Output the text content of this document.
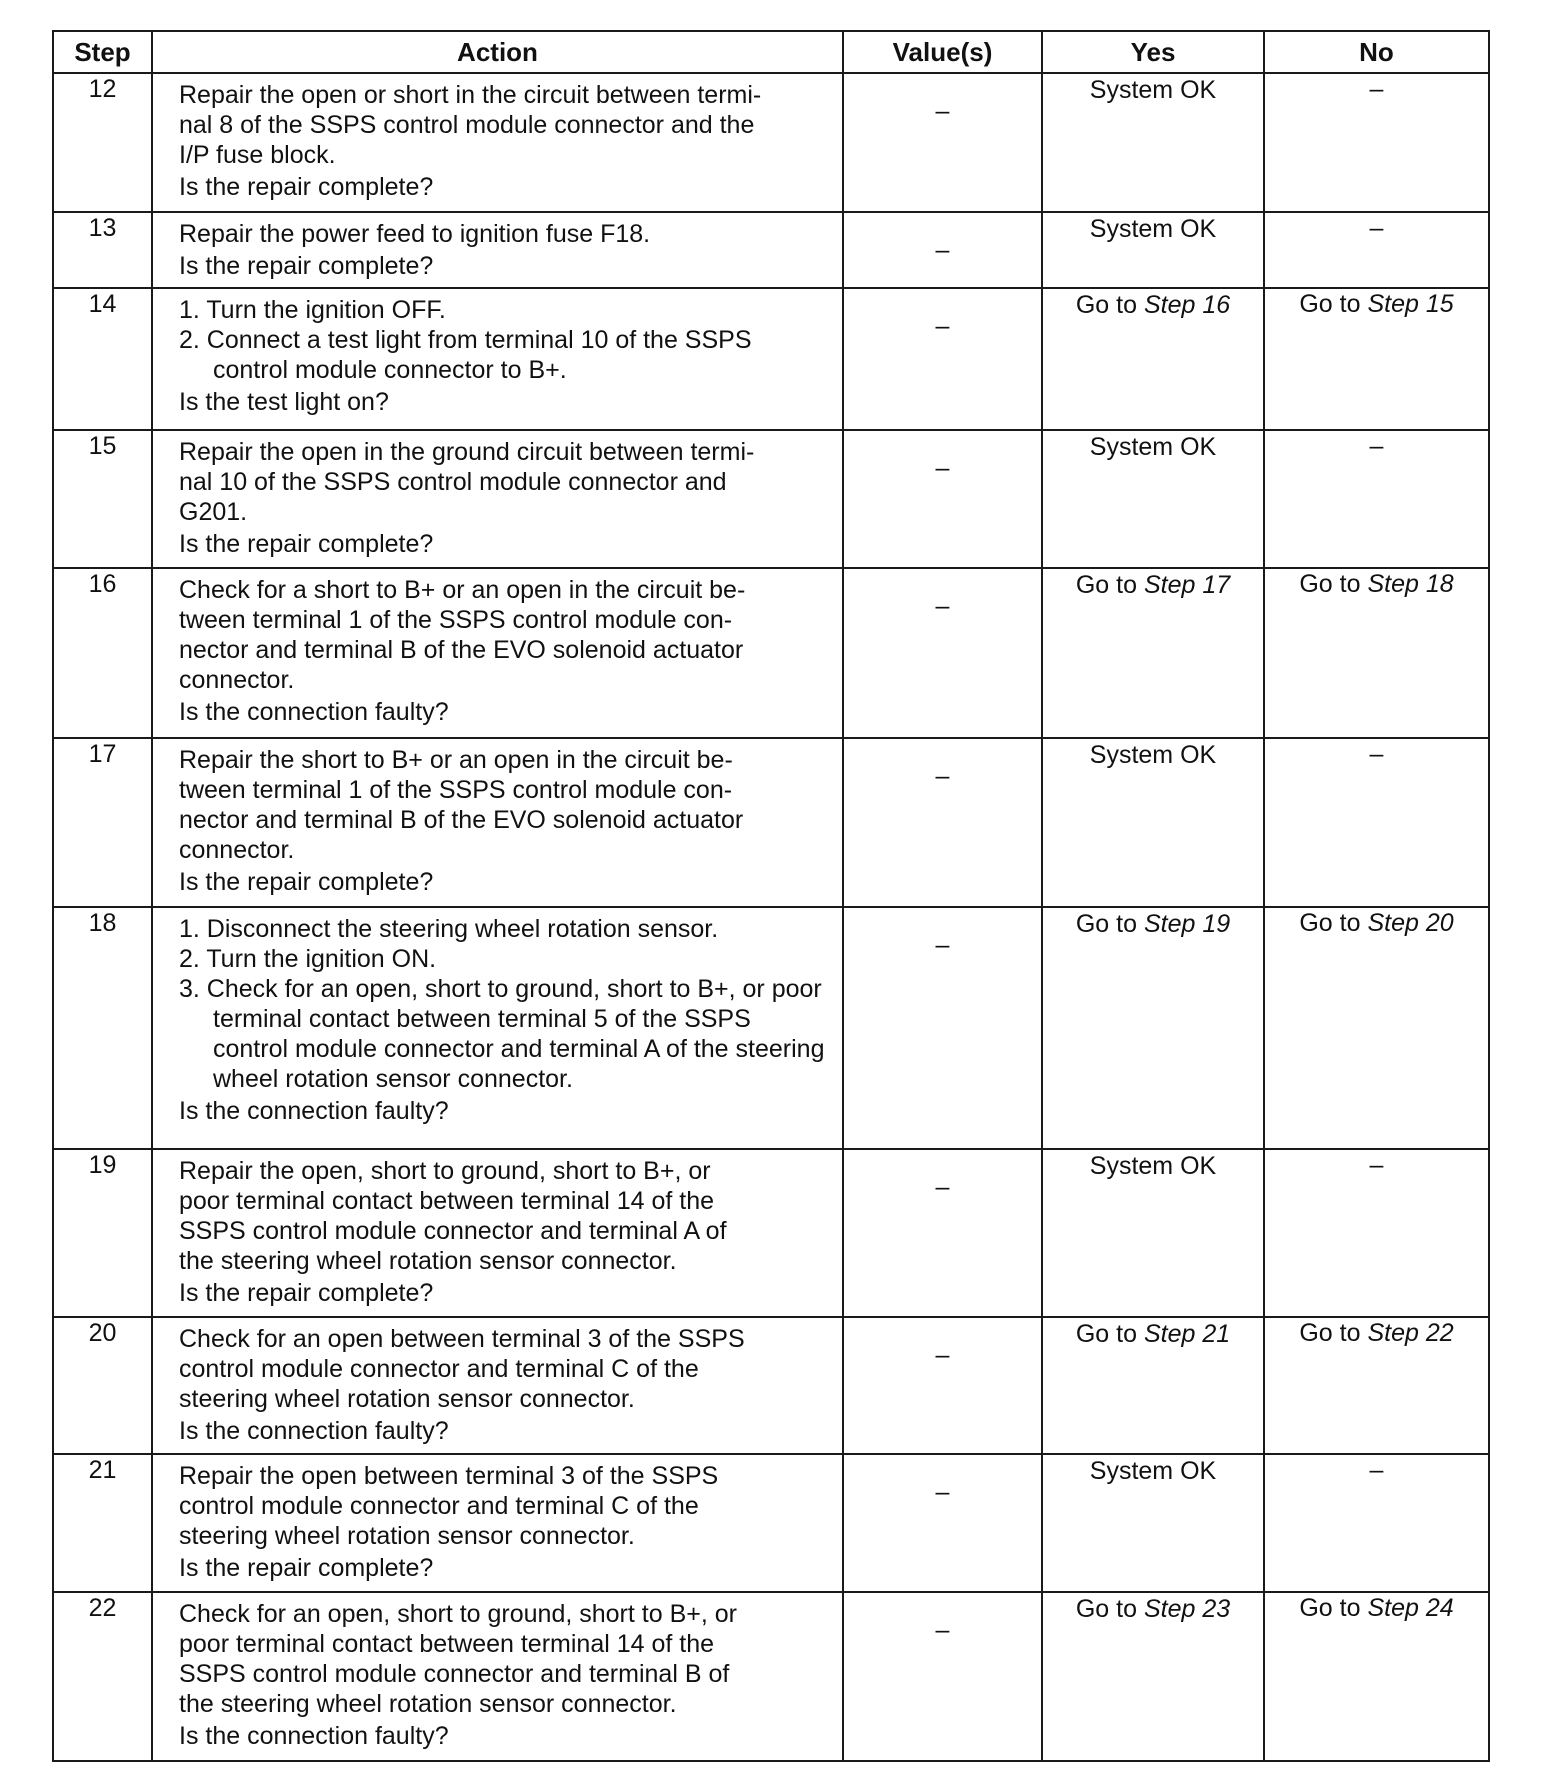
Step	Action	Value(s)	Yes	No
12	Repair the open or short in the circuit between termi-
nal 8 of the SSPS control module connector and the
I/P fuse block.
Is the repair complete?	–	System OK	–
13	Repair the power feed to ignition fuse F18.
Is the repair complete?	–	System OK	–
14	1. Turn the ignition OFF.
2. Connect a test light from terminal 10 of the SSPS control module connector to B+.
Is the test light on?	–	Go to Step 16	Go to Step 15
15	Repair the open in the ground circuit between termi-
nal 10 of the SSPS control module connector and
G201.
Is the repair complete?	–	System OK	–
16	Check for a short to B+ or an open in the circuit be-
tween terminal 1 of the SSPS control module con-
nector and terminal B of the EVO solenoid actuator
connector.
Is the connection faulty?	–	Go to Step 17	Go to Step 18
17	Repair the short to B+ or an open in the circuit be-
tween terminal 1 of the SSPS control module con-
nector and terminal B of the EVO solenoid actuator
connector.
Is the repair complete?	–	System OK	–
18	1. Disconnect the steering wheel rotation sensor.
2. Turn the ignition ON.
3. Check for an open, short to ground, short to B+, or poor terminal contact between terminal 5 of the SSPS control module connector and terminal A of the steering wheel rotation sensor connector.
Is the connection faulty?	–	Go to Step 19	Go to Step 20
19	Repair the open, short to ground, short to B+, or
poor terminal contact between terminal 14 of the
SSPS control module connector and terminal A of
the steering wheel rotation sensor connector.
Is the repair complete?	–	System OK	–
20	Check for an open between terminal 3 of the SSPS
control module connector and terminal C of the
steering wheel rotation sensor connector.
Is the connection faulty?	–	Go to Step 21	Go to Step 22
21	Repair the open between terminal 3 of the SSPS
control module connector and terminal C of the
steering wheel rotation sensor connector.
Is the repair complete?	–	System OK	–
22	Check for an open, short to ground, short to B+, or
poor terminal contact between terminal 14 of the
SSPS control module connector and terminal B of
the steering wheel rotation sensor connector.
Is the connection faulty?	–	Go to Step 23	Go to Step 24
